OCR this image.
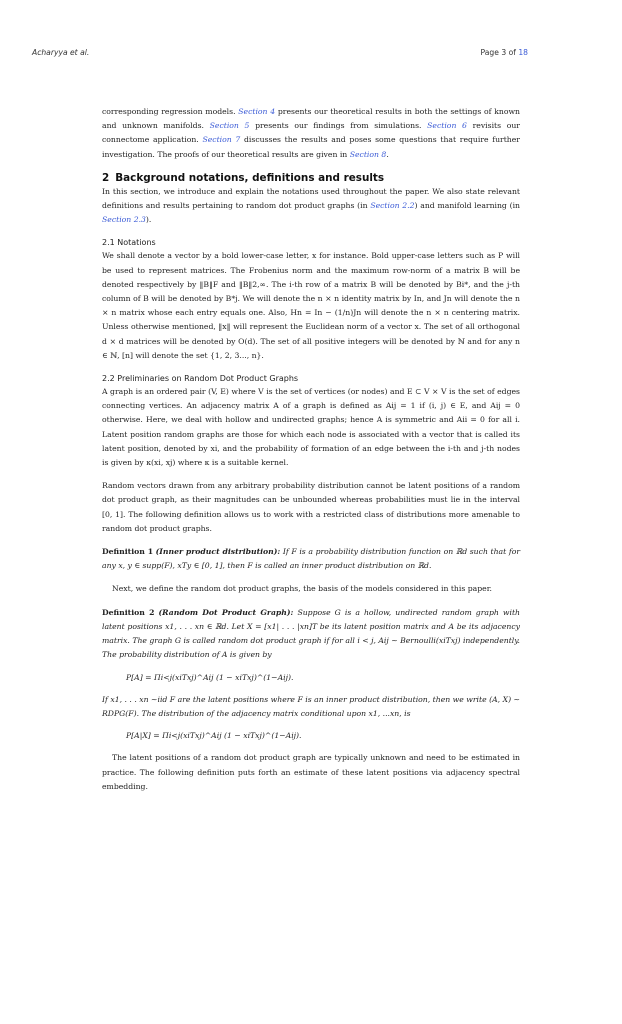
Acharyya et al.	Page 3 of 18

corresponding regression models. Section 4 presents our theoretical results in both the settings of known and unknown manifolds. Section 5 presents our findings from simulations. Section 6 revisits our connectome application. Section 7 discusses the results and poses some questions that require further investigation. The proofs of our theoretical results are given in Section 8.

2 Background notations, definitions and results

In this section, we introduce and explain the notations used throughout the paper. We also state relevant definitions and results pertaining to random dot product graphs (in Section 2.2) and manifold learning (in Section 2.3).

2.1 Notations

We shall denote a vector by a bold lower-case letter, x for instance. Bold upper-case letters such as P will be used to represent matrices. The Frobenius norm and the maximum row-norm of a matrix B will be denoted respectively by ‖B‖F and ‖B‖2,∞. The i-th row of a matrix B will be denoted by Bi*, and the j-th column of B will be denoted by B*j. We will denote the n × n identity matrix by In, and Jn will denote the n × n matrix whose each entry equals one. Also, Hn = In − (1/n)Jn will denote the n × n centering matrix. Unless otherwise mentioned, ‖x‖ will represent the Euclidean norm of a vector x. The set of all orthogonal d × d matrices will be denoted by O(d). The set of all positive integers will be denoted by ℕ and for any n ∈ ℕ, [n] will denote the set {1, 2, 3..., n}.

2.2 Preliminaries on Random Dot Product Graphs

A graph is an ordered pair (V, E) where V is the set of vertices (or nodes) and E ⊂ V × V is the set of edges connecting vertices. An adjacency matrix A of a graph is defined as Aij = 1 if (i, j) ∈ E, and Aij = 0 otherwise. Here, we deal with hollow and undirected graphs; hence A is symmetric and Aii = 0 for all i. Latent position random graphs are those for which each node is associated with a vector that is called its latent position, denoted by xi, and the probability of formation of an edge between the i-th and j-th nodes is given by κ(xi, xj) where κ is a suitable kernel.

Random vectors drawn from any arbitrary probability distribution cannot be latent positions of a random dot product graph, as their magnitudes can be unbounded whereas probabilities must lie in the interval [0, 1]. The following definition allows us to work with a restricted class of distributions more amenable to random dot product graphs.

Definition 1 (Inner product distribution): If F is a probability distribution function on ℝd such that for any x, y ∈ supp(F), xTy ∈ [0, 1], then F is called an inner product distribution on ℝd.

Next, we define the random dot product graphs, the basis of the models considered in this paper.

Definition 2 (Random Dot Product Graph): Suppose G is a hollow, undirected random graph with latent positions x1, . . . xn ∈ ℝd. Let X = [x1| . . . |xn]T be its latent position matrix and A be its adjacency matrix. The graph G is called random dot product graph if for all i < j, Aij ∼ Bernoulli(xiTxj) independently. The probability distribution of A is given by

P[A] = Πi<j(xiTxj)^Aij (1 − xiTxj)^(1−Aij).

If x1, . . . xn ∼iid F are the latent positions where F is an inner product distribution, then we write (A, X) ∼ RDPG(F). The distribution of the adjacency matrix conditional upon x1, ...xn, is

P[A|X] = Πi<j(xiTxj)^Aij (1 − xiTxj)^(1−Aij).

The latent positions of a random dot product graph are typically unknown and need to be estimated in practice. The following definition puts forth an estimate of these latent positions via adjacency spectral embedding.
